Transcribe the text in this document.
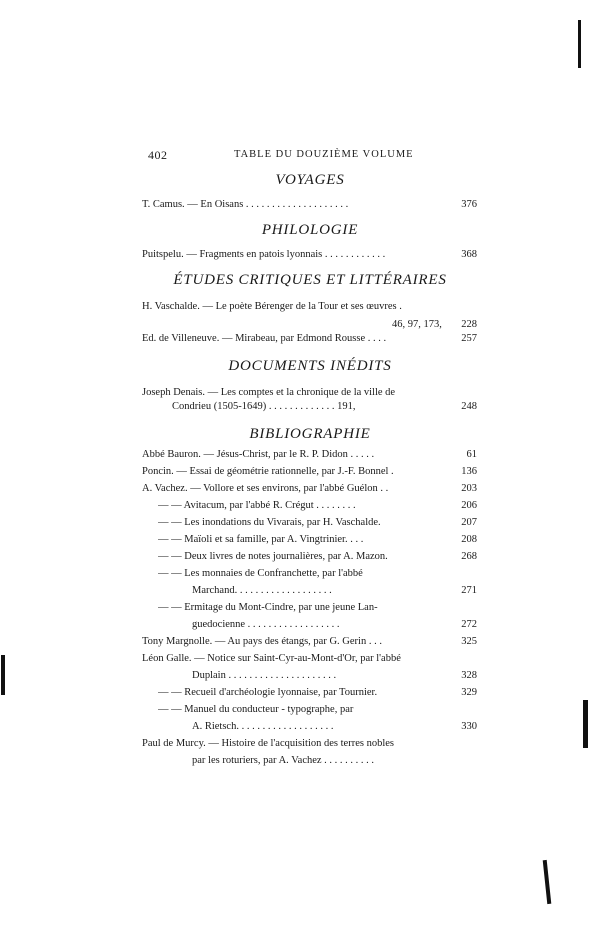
402	TABLE DU DOUZIÈME VOLUME
VOYAGES
PHILOLOGIE
ÉTUDES CRITIQUES ET LITTÉRAIRES
DOCUMENTS INÉDITS
BIBLIOGRAPHIE
T. Camus. — En Oisans . . . . . . . . . . . . . . . . . . . .	376
Puitspelu. — Fragments en patois lyonnais . . . . . . . . . . . .	368
H. Vaschalde. — Le poète Bérenger de la Tour et ses œuvres .
46, 97, 173,	228
Ed. de Villeneuve. — Mirabeau, par Edmond Rousse . . . .	257
Joseph Denais. — Les comptes et la chronique de la ville de
Condrieu (1505-1649) . . . . . . . . . . . . . 191,	248
Abbé Bauron. — Jésus-Christ, par le R. P. Didon . . . . .	61
Poncin. — Essai de géométrie rationnelle, par J.-F. Bonnel .	136
A. Vachez. — Vollore et ses environs, par l'abbé Guélon . .	203
— — Avitacum, par l'abbé R. Crégut . . . . . . . .	206
— — Les inondations du Vivarais, par H. Vaschalde.	207
— — Maïoli et sa famille, par A. Vingtrinier. . . .	208
— — Deux livres de notes journalières, par A. Mazon.	268
— — Les monnaies de Confranchette, par l'abbé
Marchand. . . . . . . . . . . . . . . . . . .	271
— — Ermitage du Mont-Cindre, par une jeune Lan-
guedocienne . . . . . . . . . . . . . . . . . .	272
Tony Margnolle. — Au pays des étangs, par G. Gerin . . .	325
Léon Galle. — Notice sur Saint-Cyr-au-Mont-d'Or, par l'abbé
Duplain . . . . . . . . . . . . . . . . . . . . .	328
— — Recueil d'archéologie lyonnaise, par Tournier.	329
— — Manuel du conducteur - typographe, par
A. Rietsch. . . . . . . . . . . . . . . . . . .	330
Paul de Murcy. — Histoire de l'acquisition des terres nobles
par les roturiers, par A. Vachez . . . . . . . . . .
